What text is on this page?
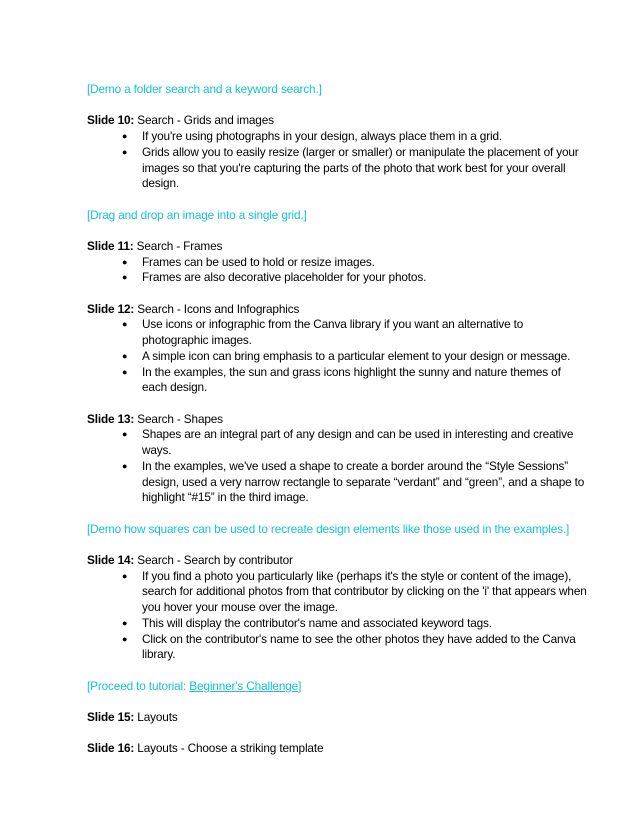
[Demo a folder search and a keyword search.]

Slide 10: Search - Grids and images

● If you're using photographs in your design, always place them in a grid.
● Grids allow you to easily resize (larger or smaller) or manipulate the placement of your images so that you're capturing the parts of the photo that work best for your overall design.

[Drag and drop an image into a single grid.]

Slide 11: Search - Frames

● Frames can be used to hold or resize images.
● Frames are also decorative placeholder for your photos.

Slide 12: Search - Icons and Infographics

● Use icons or infographic from the Canva library if you want an alternative to photographic images.
● A simple icon can bring emphasis to a particular element to your design or message.
● In the examples, the sun and grass icons highlight the sunny and nature themes of each design.

Slide 13: Search - Shapes

● Shapes are an integral part of any design and can be used in interesting and creative ways.
● In the examples, we've used a shape to create a border around the “Style Sessions” design, used a very narrow rectangle to separate “verdant” and “green”, and a shape to highlight “#15” in the third image.

[Demo how squares can be used to recreate design elements like those used in the examples.]

Slide 14: Search - Search by contributor

● If you find a photo you particularly like (perhaps it's the style or content of the image), search for additional photos from that contributor by clicking on the 'i' that appears when you hover your mouse over the image.
● This will display the contributor's name and associated keyword tags.
● Click on the contributor's name to see the other photos they have added to the Canva library.

[Proceed to tutorial: Beginner's Challenge]

Slide 15: Layouts

Slide 16: Layouts - Choose a striking template
